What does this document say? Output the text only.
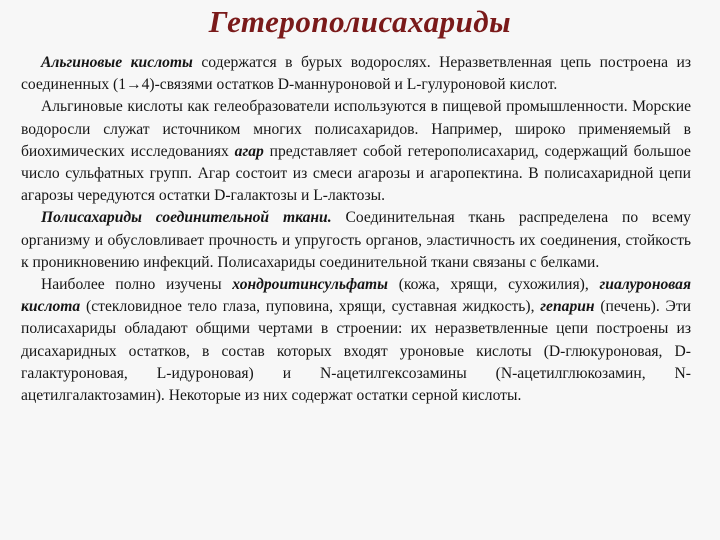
Гетерополисахариды

Альгиновые кислоты содержатся в бурых водорослях. Неразветвленная цепь построена из соединенных (1→4)-связями остатков D-маннуроновой и L-гулуроновой кислот.

Альгиновые кислоты как гелеобразователи используются в пищевой промышленности. Морские водоросли служат источником многих полисахаридов. Например, широко применяемый в биохимических исследованиях агар представляет собой гетерополисахарид, содержащий большое число сульфатных групп. Агар состоит из смеси агарозы и агаропектина. В полисахаридной цепи агарозы чередуются остатки D-галактозы и L-лактозы.

Полисахариды соединительной ткани. Соединительная ткань распределена по всему организму и обусловливает прочность и упругость органов, эластичность их соединения, стойкость к проникновению инфекций. Полисахариды соединительной ткани связаны с белками.

Наиболее полно изучены хондроитинсульфаты (кожа, хрящи, сухожилия), гиалуроновая кислота (стекловидное тело глаза, пуповина, хрящи, суставная жидкость), гепарин (печень). Эти полисахариды обладают общими чертами в строении: их неразветвленные цепи построены из дисахаридных остатков, в состав которых входят уроновые кислоты (D-глюкуроновая, D-галактуроновая, L-идуроновая) и N-ацетилгексозамины (N-ацетилглюкозамин, N-ацетилгалактозамин). Некоторые из них содержат остатки серной кислоты.
